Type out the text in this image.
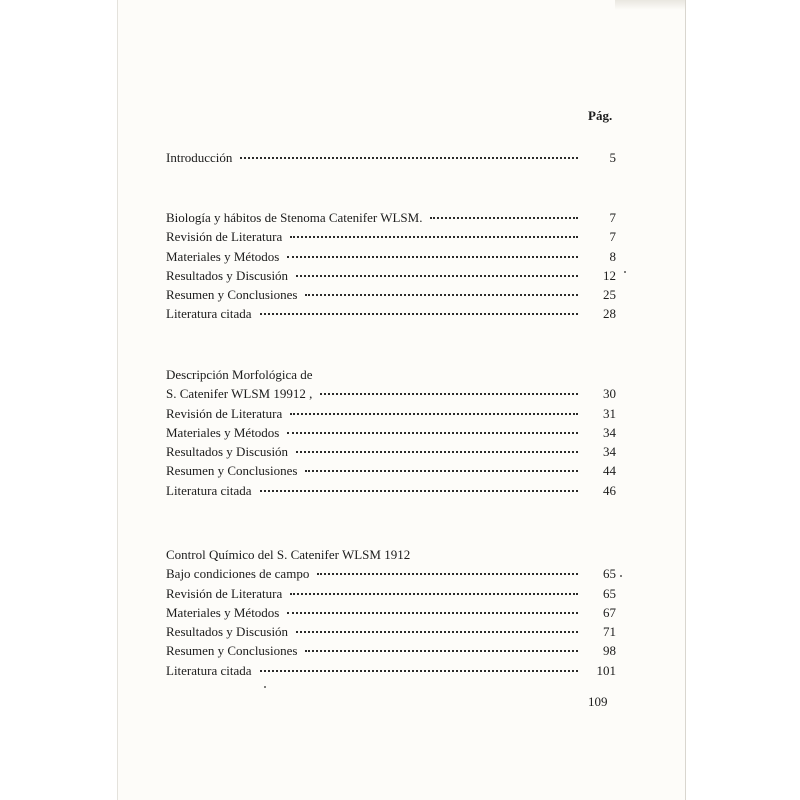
Pág.
Introducción	5
Biología y hábitos de Stenoma Catenifer WLSM.	7
Revisión de Literatura	7
Materiales y Métodos	8
Resultados y Discusión	12
Resumen y Conclusiones	25
Literatura citada	28
Descripción Morfológica de
S. Catenifer WLSM 19912 ,	30
Revisión de Literatura	31
Materiales y Métodos	34
Resultados y Discusión	34
Resumen y Conclusiones	44
Literatura citada	46
Control Químico del S. Catenifer WLSM 1912
Bajo condiciones de campo	65
Revisión de Literatura	65
Materiales y Métodos	67
Resultados y Discusión	71
Resumen y Conclusiones	98
Literatura citada	101
109
